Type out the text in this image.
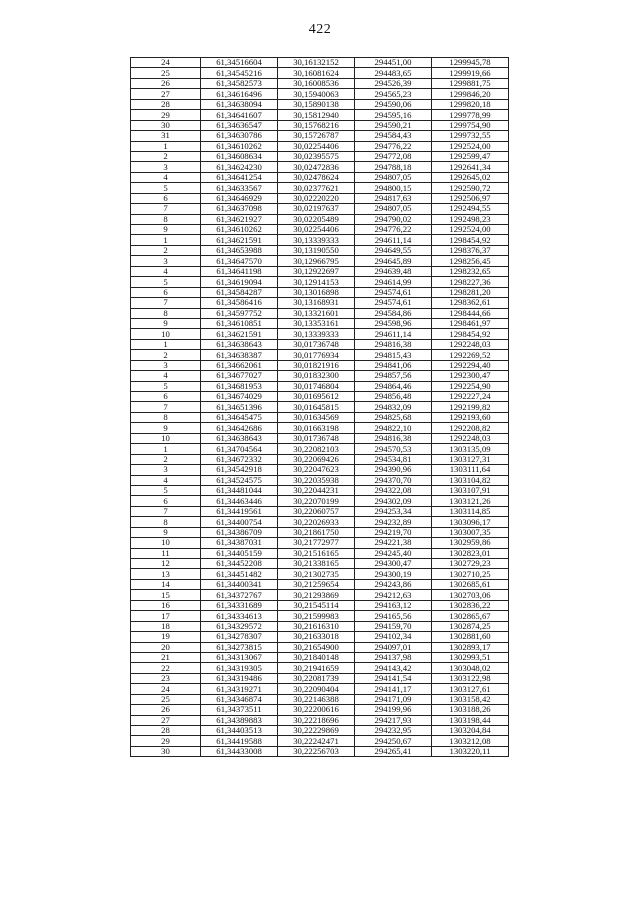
422
24	61,34516604	30,16132152	294451,00	1299945,78
25	61,34545216	30,16081624	294483,65	1299919,66
26	61,34582573	30,16008536	294526,39	1299881,75
27	61,34616496	30,15940063	294565,23	1299846,20
28	61,34638094	30,15890138	294590,06	1299820,18
29	61,34641607	30,15812940	294595,16	1299778,99
30	61,34636547	30,15768216	294590,21	1299754,90
31	61,34630786	30,15726787	294584,43	1299732,55
1	61,34610262	30,02254406	294776,22	1292524,00
2	61,34608634	30,02395575	294772,08	1292599,47
3	61,34624230	30,02472836	294788,18	1292641,34
4	61,34641254	30,02478624	294807,05	1292645,02
5	61,34633567	30,02377621	294800,15	1292590,72
6	61,34646929	30,02220220	294817,63	1292506,97
7	61,34637098	30,02197637	294807,05	1292494,55
8	61,34621927	30,02205489	294790,02	1292498,23
9	61,34610262	30,02254406	294776,22	1292524,00
1	61,34621591	30,13339333	294611,14	1298454,92
2	61,34653988	30,13190550	294649,55	1298376,37
3	61,34647570	30,12966795	294645,89	1298256,45
4	61,34641198	30,12922697	294639,48	1298232,65
5	61,34619094	30,12914153	294614,99	1298227,36
6	61,34584287	30,13016898	294574,61	1298281,20
7	61,34586416	30,13168931	294574,61	1298362,61
8	61,34597752	30,13321601	294584,86	1298444,66
9	61,34610851	30,13353161	294598,96	1298461,97
10	61,34621591	30,13339333	294611,14	1298454,92
1	61,34638643	30,01736748	294816,38	1292248,03
2	61,34638387	30,01776934	294815,43	1292269,52
3	61,34662061	30,01821916	294841,06	1292294,40
4	61,34677027	30,01832300	294857,56	1292300,47
5	61,34681953	30,01746804	294864,46	1292254,90
6	61,34674029	30,01695612	294856,48	1292227,24
7	61,34651396	30,01645815	294832,09	1292199,82
8	61,34645475	30,01634569	294825,68	1292193,60
9	61,34642686	30,01663198	294822,10	1292208,82
10	61,34638643	30,01736748	294816,38	1292248,03
1	61,34704564	30,22082103	294570,53	1303135,09
2	61,34672332	30,22069426	294534,81	1303127,31
3	61,34542918	30,22047623	294390,96	1303111,64
4	61,34524575	30,22035938	294370,70	1303104,82
5	61,34481044	30,22044231	294322,08	1303107,91
6	61,34463446	30,22070199	294302,09	1303121,26
7	61,34419561	30,22060757	294253,34	1303114,85
8	61,34400754	30,22026933	294232,89	1303096,17
9	61,34386709	30,21861750	294219,70	1303007,35
10	61,34387031	30,21772977	294221,38	1302959,86
11	61,34405159	30,21516165	294245,40	1302823,01
12	61,34452208	30,21338165	294300,47	1302729,23
13	61,34451482	30,21302735	294300,19	1302710,25
14	61,34400341	30,21259654	294243,86	1302685,61
15	61,34372767	30,21293869	294212,63	1302703,06
16	61,34331689	30,21545114	294163,12	1302836,22
17	61,34334613	30,21599983	294165,56	1302865,67
18	61,34329572	30,21616310	294159,70	1302874,25
19	61,34278307	30,21633018	294102,34	1302881,60
20	61,34273815	30,21654900	294097,01	1302893,17
21	61,34313067	30,21840148	294137,98	1302993,51
22	61,34319305	30,21941659	294143,42	1303048,02
23	61,34319486	30,22081739	294141,54	1303122,98
24	61,34319271	30,22090404	294141,17	1303127,61
25	61,34346874	30,22146388	294171,09	1303158,42
26	61,34373511	30,22200616	294199,96	1303188,26
27	61,34389883	30,22218696	294217,93	1303198,44
28	61,34403513	30,22229869	294232,95	1303204,84
29	61,34419588	30,22242471	294250,67	1303212,08
30	61,34433008	30,22256703	294265,41	1303220,11
